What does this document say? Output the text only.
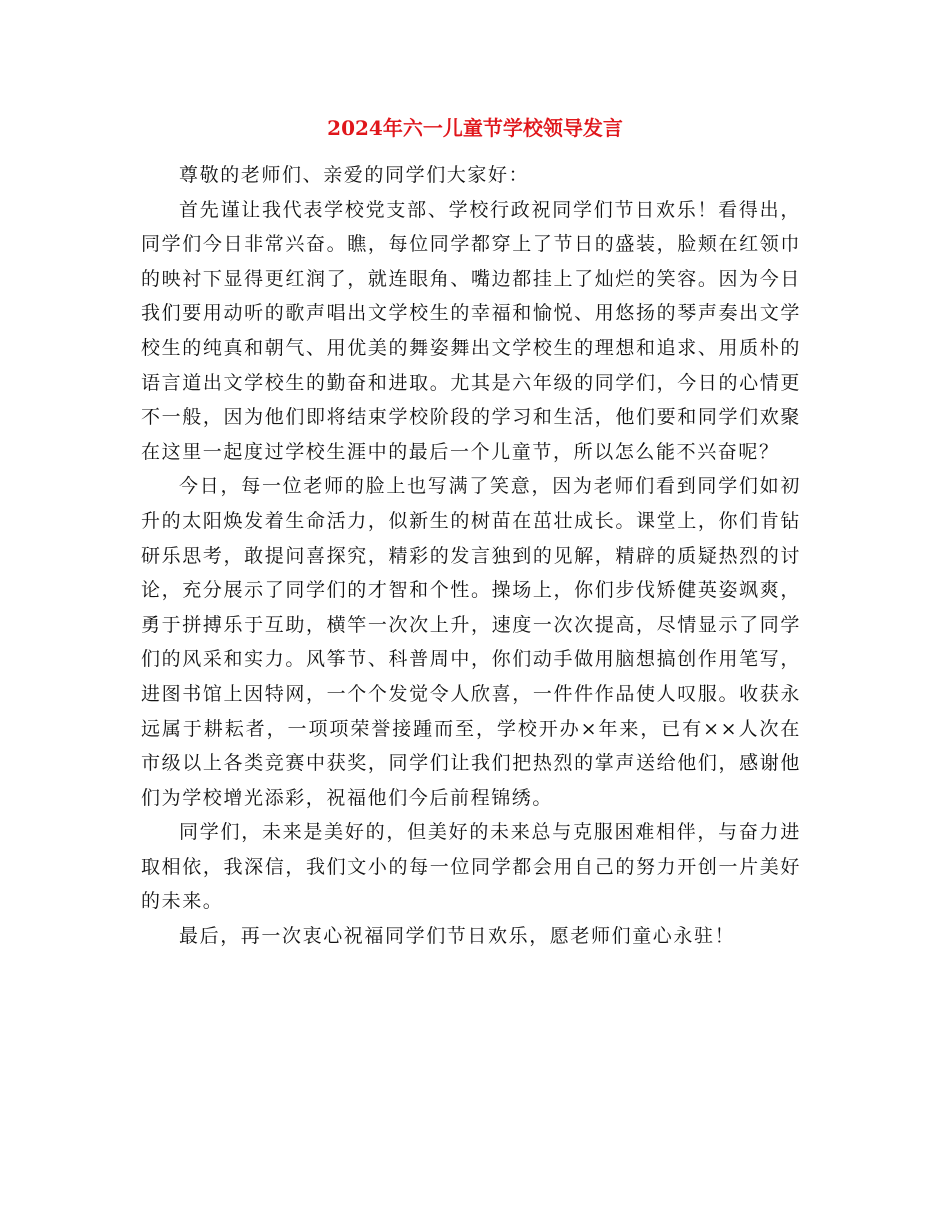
2024年六一儿童节学校领导发言

尊敬的老师们、亲爱的同学们大家好：

首先谨让我代表学校党支部、学校行政祝同学们节日欢乐！看得出，同学们今日非常兴奋。瞧，每位同学都穿上了节日的盛装，脸颊在红领巾的映衬下显得更红润了，就连眼角、嘴边都挂上了灿烂的笑容。因为今日我们要用动听的歌声唱出文学校生的幸福和愉悦、用悠扬的琴声奏出文学校生的纯真和朝气、用优美的舞姿舞出文学校生的理想和追求、用质朴的语言道出文学校生的勤奋和进取。尤其是六年级的同学们，今日的心情更不一般，因为他们即将结束学校阶段的学习和生活，他们要和同学们欢聚在这里一起度过学校生涯中的最后一个儿童节，所以怎么能不兴奋呢？

今日，每一位老师的脸上也写满了笑意，因为老师们看到同学们如初升的太阳焕发着生命活力，似新生的树苗在茁壮成长。课堂上，你们肯钻研乐思考，敢提问喜探究，精彩的发言独到的见解，精辟的质疑热烈的讨论，充分展示了同学们的才智和个性。操场上，你们步伐矫健英姿飒爽，勇于拼搏乐于互助，横竿一次次上升，速度一次次提高，尽情显示了同学们的风采和实力。风筝节、科普周中，你们动手做用脑想搞创作用笔写，进图书馆上因特网，一个个发觉令人欣喜，一件件作品使人叹服。收获永远属于耕耘者，一项项荣誉接踵而至，学校开办×年来，已有××人次在市级以上各类竞赛中获奖，同学们让我们把热烈的掌声送给他们，感谢他们为学校增光添彩，祝福他们今后前程锦绣。

同学们，未来是美好的，但美好的未来总与克服困难相伴，与奋力进取相依，我深信，我们文小的每一位同学都会用自己的努力开创一片美好的未来。

最后，再一次衷心祝福同学们节日欢乐，愿老师们童心永驻！
